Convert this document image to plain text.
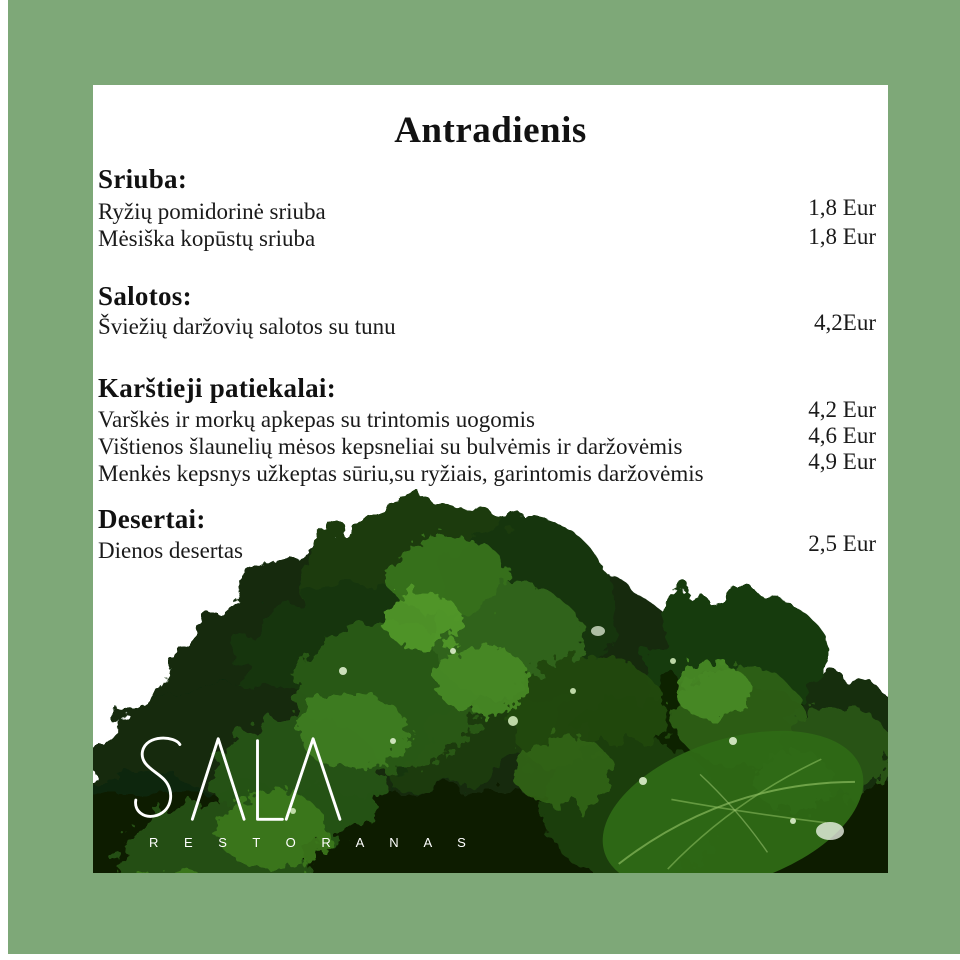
Antradienis
Sriuba:
Ryžių pomidorinė sriuba
Mėsiška kopūstų sriuba
Salotos:
Šviežių daržovių salotos su tunu
Karštieji patiekalai:
Varškės ir morkų apkepas su trintomis uogomis
Vištienos šlaunelių mėsos kepsneliai su bulvėmis ir daržovėmis
Menkės kepsnys užkeptas sūriu,su ryžiais, garintomis daržovėmis
Desertai:
Dienos desertas
1,8 Eur
1,8 Eur
4,2Eur
4,2 Eur
4,6 Eur
4,9 Eur
2,5 Eur
R E S T O R A N A S
